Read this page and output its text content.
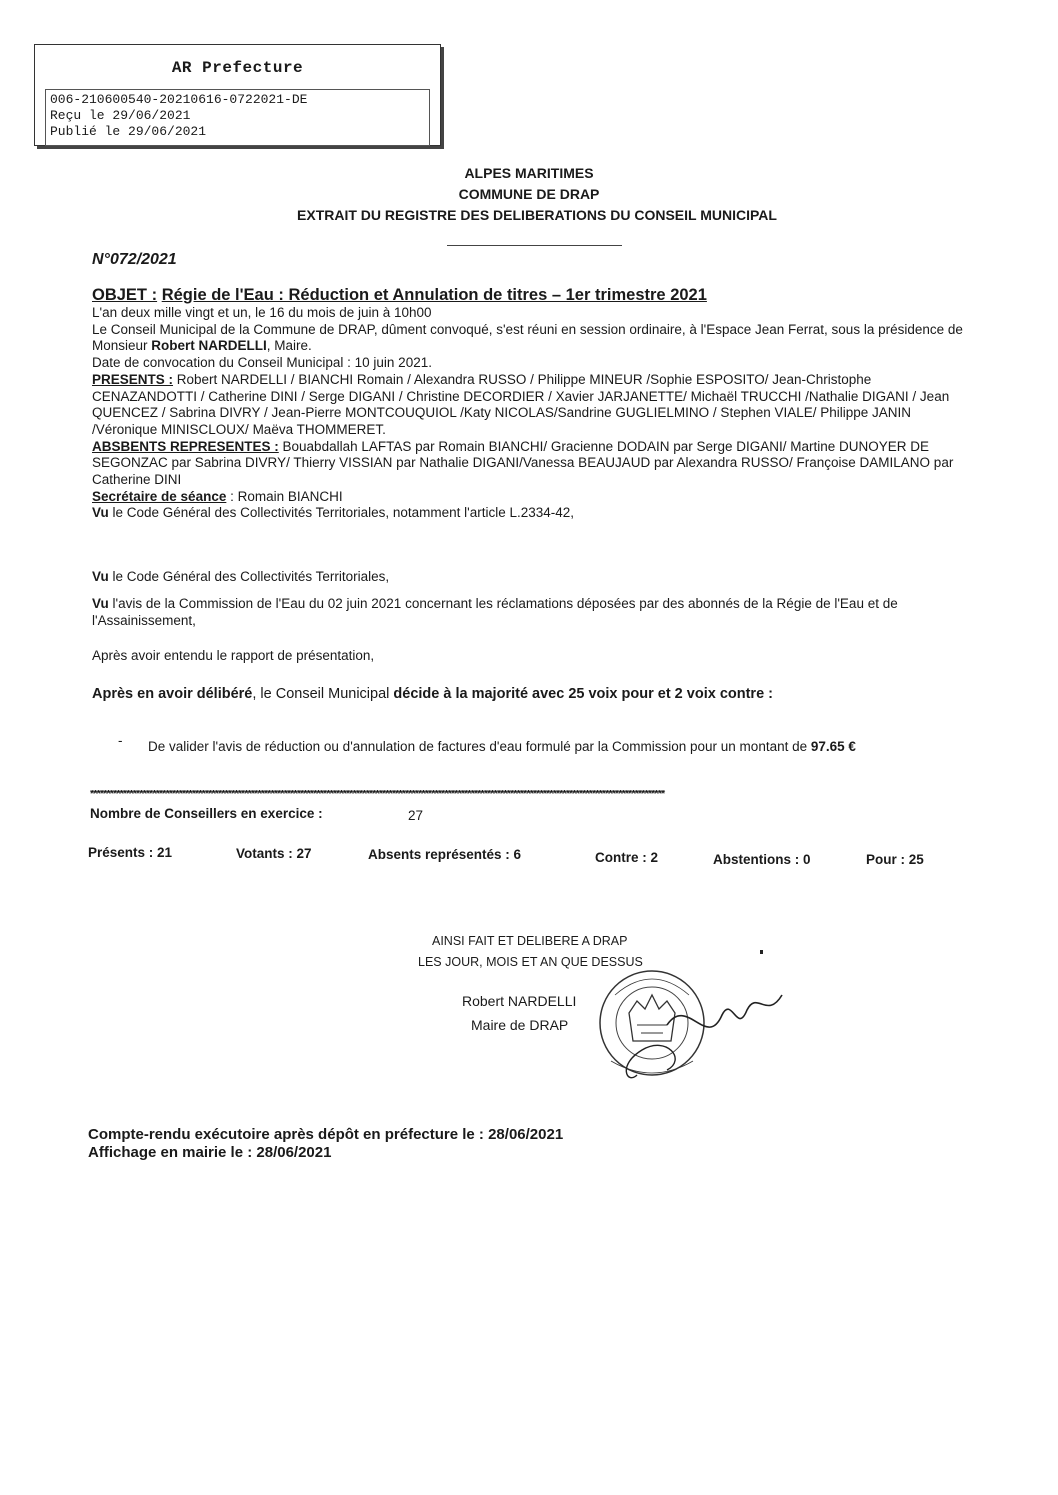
AR Prefecture
006-210600540-20210616-0722021-DE
Reçu le 29/06/2021
Publié le 29/06/2021
ALPES MARITIMES
COMMUNE DE DRAP
EXTRAIT DU REGISTRE DES DELIBERATIONS DU CONSEIL MUNICIPAL
N°072/2021
OBJET : Régie de l'Eau : Réduction et Annulation de titres – 1er trimestre 2021
L'an deux mille vingt et un, le 16 du mois de juin à 10h00
Le Conseil Municipal de la Commune de DRAP, dûment convoqué, s'est réuni en session ordinaire, à l'Espace Jean Ferrat, sous la présidence de Monsieur Robert NARDELLI, Maire.
Date de convocation du Conseil Municipal : 10 juin 2021.
PRESENTS : Robert NARDELLI / BIANCHI Romain / Alexandra RUSSO / Philippe MINEUR /Sophie ESPOSITO/ Jean-Christophe CENAZANDOTTI / Catherine DINI / Serge DIGANI / Christine DECORDIER / Xavier JARJANETTE/ Michaël TRUCCHI /Nathalie DIGANI / Jean QUENCEZ / Sabrina DIVRY / Jean-Pierre MONTCOUQUIOL /Katy NICOLAS/Sandrine GUGLIELMINO / Stephen VIALE/ Philippe JANIN /Véronique MINISCLOUX/ Maëva THOMMERET.
ABSBENTS REPRESENTES : Bouabdallah LAFTAS par Romain BIANCHI/ Gracienne DODAIN par Serge DIGANI/ Martine DUNOYER DE SEGONZAC par Sabrina DIVRY/ Thierry VISSIAN par Nathalie DIGANI/Vanessa BEAUJAUD par Alexandra RUSSO/ Françoise DAMILANO par Catherine DINI
Secrétaire de séance : Romain BIANCHI
Vu le Code Général des Collectivités Territoriales, notamment l'article L.2334-42,
Vu le Code Général des Collectivités Territoriales,
Vu l'avis de la Commission de l'Eau du 02 juin 2021 concernant les réclamations déposées par des abonnés de la Régie de l'Eau et de l'Assainissement,
Après avoir entendu le rapport de présentation,
Après en avoir délibéré, le Conseil Municipal décide à la majorité avec 25 voix pour et 2 voix contre :
-	De valider l'avis de réduction ou d'annulation de factures d'eau formulé par la Commission pour un montant de 97.65 €
*******************************************************************************************************************************************************************************
Nombre de Conseillers en exercice :	27
Présents : 21	Votants : 27	Absents représentés : 6	Contre : 2	Abstentions : 0	Pour : 25
AINSI FAIT ET DELIBERE A DRAP
LES JOUR, MOIS ET AN QUE DESSUS
Robert NARDELLI
Maire de DRAP
Compte-rendu exécutoire après dépôt en préfecture le : 28/06/2021
Affichage en mairie le : 28/06/2021
